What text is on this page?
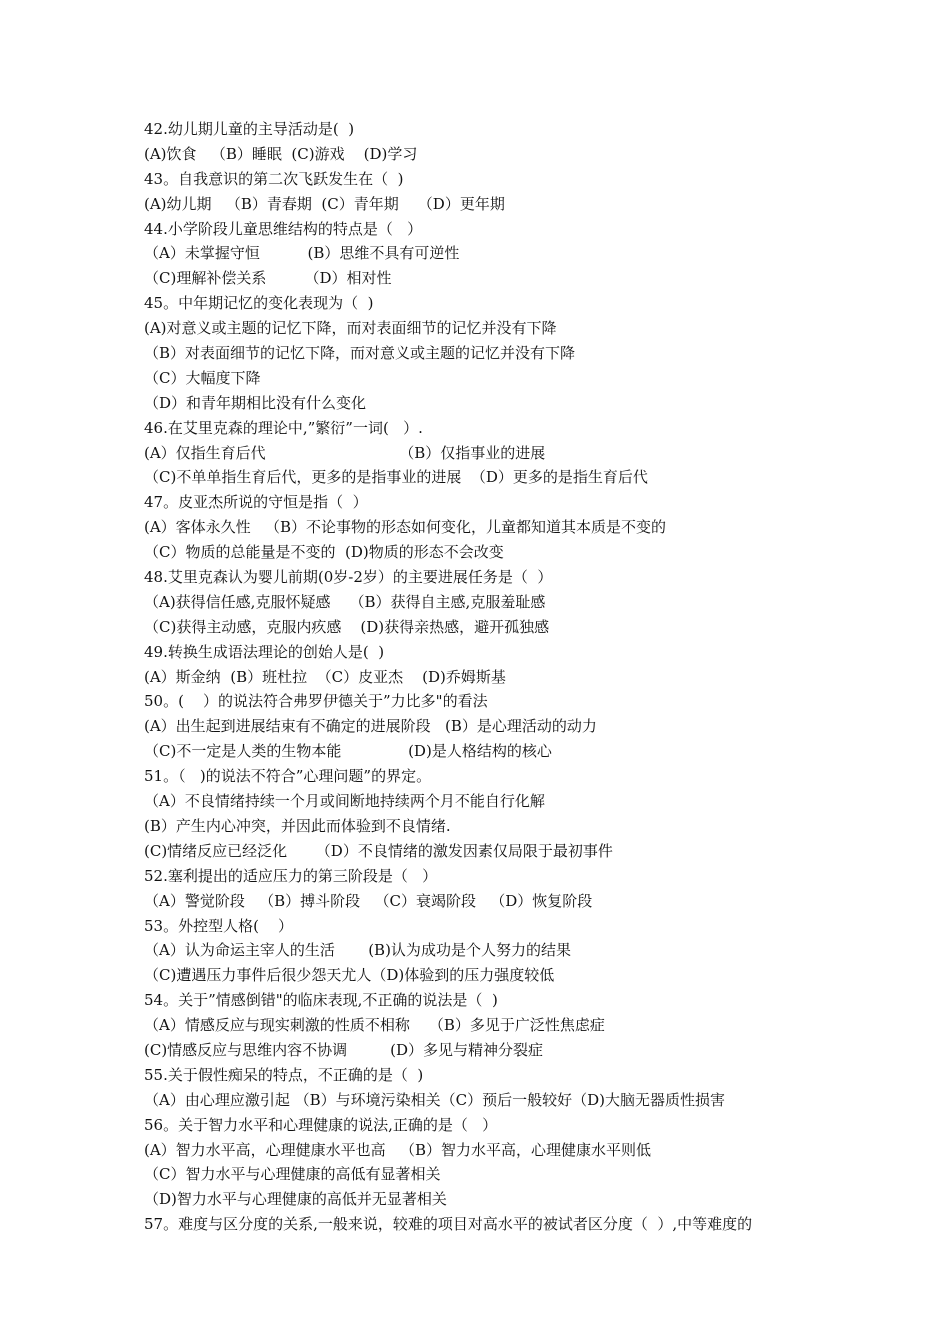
42.幼儿期儿童的主导活动是(  )
(A)饮食   （B）睡眠  (C)游戏    (D)学习
43。自我意识的第二次飞跃发生在（  )
(A)幼儿期   （B）青春期  (C）青年期    （D）更年期
44.小学阶段儿童思维结构的特点是（   ）
（A）未掌握守恒          (B）思维不具有可逆性
（C)理解补偿关系        （D）相对性
45。中年期记忆的变化表现为（  )
(A)对意义或主题的记忆下降，而对表面细节的记忆并没有下降
（B）对表面细节的记忆下降，而对意义或主题的记忆并没有下降
（C）大幅度下降
（D）和青年期相比没有什么变化
46.在艾里克森的理论中,”繁衍”一词(   ）.
(A）仅指生育后代                            （B）仅指事业的进展
（C)不单单指生育后代，更多的是指事业的进展  （D）更多的是指生育后代
47。皮亚杰所说的守恒是指（  ）
(A）客体永久性   （B）不论事物的形态如何变化，儿童都知道其本质是不变的
（C）物质的总能量是不变的  (D)物质的形态不会改变
48.艾里克森认为婴儿前期(0岁-2岁）的主要进展任务是（  ）
（A)获得信任感,克服怀疑感    （B）获得自主感,克服羞耻感
（C)获得主动感，克服内疚感    (D)获得亲热感，避开孤独感
49.转换生成语法理论的创始人是(  )
(A）斯金纳  (B）班杜拉  （C）皮亚杰    (D)乔姆斯基
50。(    ）的说法符合弗罗伊德关于”力比多"的看法
(A）出生起到进展结束有不确定的进展阶段   (B）是心理活动的动力
（C)不一定是人类的生物本能              (D)是人格结构的核心
51。（   )的说法不符合”心理问题”的界定。
（A）不良情绪持续一个月或间断地持续两个月不能自行化解
(B）产生内心冲突，并因此而体验到不良情绪.
(C)情绪反应已经泛化      （D）不良情绪的激发因素仅局限于最初事件
52.塞利提出的适应压力的第三阶段是（   ）
（A）警觉阶段   （B）搏斗阶段   （C）衰竭阶段   （D）恢复阶段
53。外控型人格(    ）
（A）认为命运主宰人的生活       (B)认为成功是个人努力的结果
（C)遭遇压力事件后很少怨天尤人（D)体验到的压力强度较低
54。关于”情感倒错"的临床表现,不正确的说法是（  )
（A）情感反应与现实刺激的性质不相称    （B）多见于广泛性焦虑症
(C)情感反应与思维内容不协调         (D）多见与精神分裂症
55.关于假性痴呆的特点，不正确的是（  )
（A）由心理应激引起 （B）与环境污染相关（C）预后一般较好（D)大脑无器质性损害
56。关于智力水平和心理健康的说法,正确的是（   ）
(A）智力水平高，心理健康水平也高   （B）智力水平高，心理健康水平则低
（C）智力水平与心理健康的高低有显著相关
（D)智力水平与心理健康的高低并无显著相关
57。难度与区分度的关系,一般来说，较难的项目对高水平的被试者区分度（  ）,中等难度的
